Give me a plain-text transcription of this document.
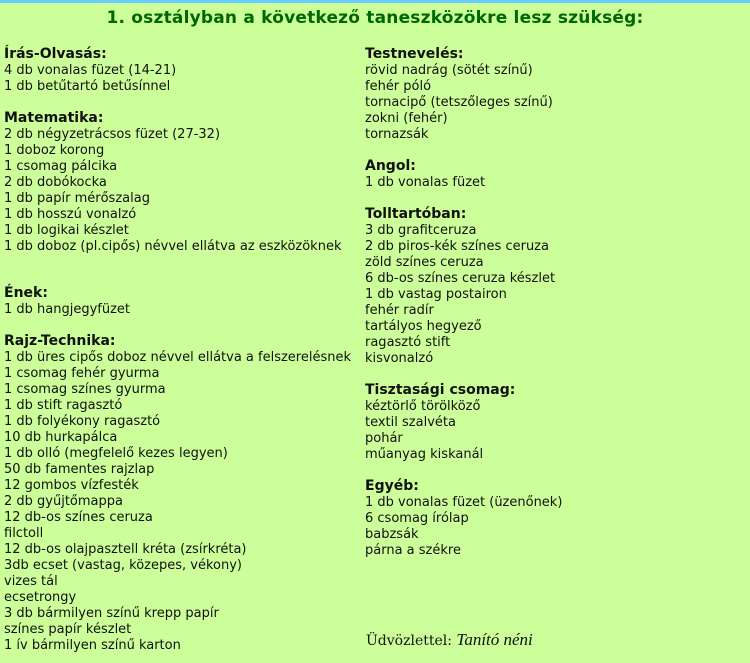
1. osztályban a következő taneszközökre lesz szükség:
Írás-Olvasás:
4 db vonalas füzet (14-21)
1 db betűtartó betűsínnel
Matematika:
2 db négyzetrácsos füzet (27-32)
1 doboz korong
1 csomag pálcika
2 db dobókocka
1 db papír mérőszalag
1 db hosszú vonalzó
1 db logikai készlet
1 db doboz (pl.cipős) névvel ellátva az eszközöknek
Ének:
1 db hangjegyfüzet
Rajz-Technika:
1 db üres cipős doboz névvel ellátva a felszerelésnek
1 csomag fehér gyurma
1 csomag színes gyurma
1 db stift ragasztó
1 db folyékony ragasztó
10 db hurkapálca
1 db olló (megfelelő kezes legyen)
50 db famentes rajzlap
12 gombos vízfesték
2 db gyűjtőmappa
12 db-os színes ceruza
filctoll
12 db-os olajpasztell kréta (zsírkréta)
3db ecset (vastag, közepes, vékony)
vizes tál
ecsetrongy
3 db bármilyen színű krepp papír
színes papír készlet
1 ív bármilyen színű karton
Testnevelés:
rövid nadrág (sötét színű)
fehér póló
tornacipő (tetszőleges színű)
zokni (fehér)
tornazsák
Angol:
1 db vonalas füzet
Tolltartóban:
3 db grafitceruza
2 db piros-kék színes ceruza
zöld színes ceruza
6 db-os színes ceruza készlet
1 db vastag postairon
fehér radír
tartályos hegyező
ragasztó stift
kisvonalzó
Tisztasági csomag:
kéztörlő törölköző
textil szalvéta
pohár
műanyag kiskanál
Egyéb:
1 db vonalas füzet (üzenőnek)
6 csomag írólap
babzsák
párna a székre
Üdvözlettel: Tanító néni
